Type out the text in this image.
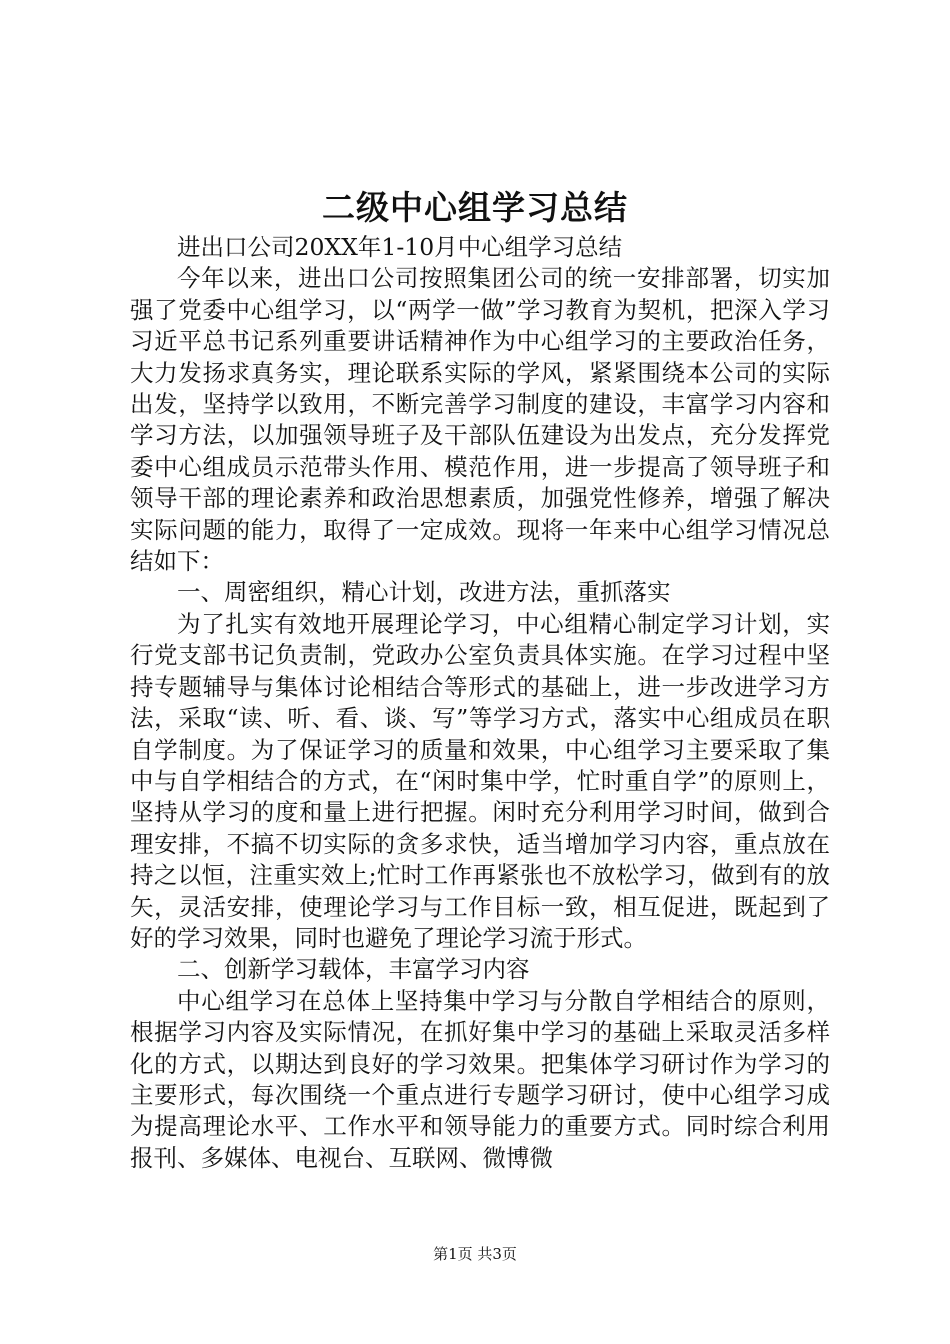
二级中心组学习总结

进出口公司20XX年1-10月中心组学习总结

今年以来，进出口公司按照集团公司的统一安排部署，切实加强了党委中心组学习，以“两学一做”学习教育为契机，把深入学习习近平总书记系列重要讲话精神作为中心组学习的主要政治任务，大力发扬求真务实，理论联系实际的学风，紧紧围绕本公司的实际出发，坚持学以致用，不断完善学习制度的建设，丰富学习内容和学习方法，以加强领导班子及干部队伍建设为出发点，充分发挥党委中心组成员示范带头作用、模范作用，进一步提高了领导班子和领导干部的理论素养和政治思想素质，加强党性修养，增强了解决实际问题的能力，取得了一定成效。现将一年来中心组学习情况总结如下：

一、周密组织，精心计划，改进方法，重抓落实

为了扎实有效地开展理论学习，中心组精心制定学习计划，实行党支部书记负责制，党政办公室负责具体实施。在学习过程中坚持专题辅导与集体讨论相结合等形式的基础上，进一步改进学习方法，采取“读、听、看、谈、写”等学习方式，落实中心组成员在职自学制度。为了保证学习的质量和效果，中心组学习主要采取了集中与自学相结合的方式，在“闲时集中学，忙时重自学”的原则上，坚持从学习的度和量上进行把握。闲时充分利用学习时间，做到合理安排，不搞不切实际的贪多求快，适当增加学习内容，重点放在持之以恒，注重实效上;忙时工作再紧张也不放松学习，做到有的放矢，灵活安排，使理论学习与工作目标一致，相互促进，既起到了好的学习效果，同时也避免了理论学习流于形式。

二、创新学习载体，丰富学习内容

中心组学习在总体上坚持集中学习与分散自学相结合的原则，根据学习内容及实际情况，在抓好集中学习的基础上采取灵活多样化的方式，以期达到良好的学习效果。把集体学习研讨作为学习的主要形式，每次围绕一个重点进行专题学习研讨，使中心组学习成为提高理论水平、工作水平和领导能力的重要方式。同时综合利用报刊、多媒体、电视台、互联网、微博微

第1页 共3页
